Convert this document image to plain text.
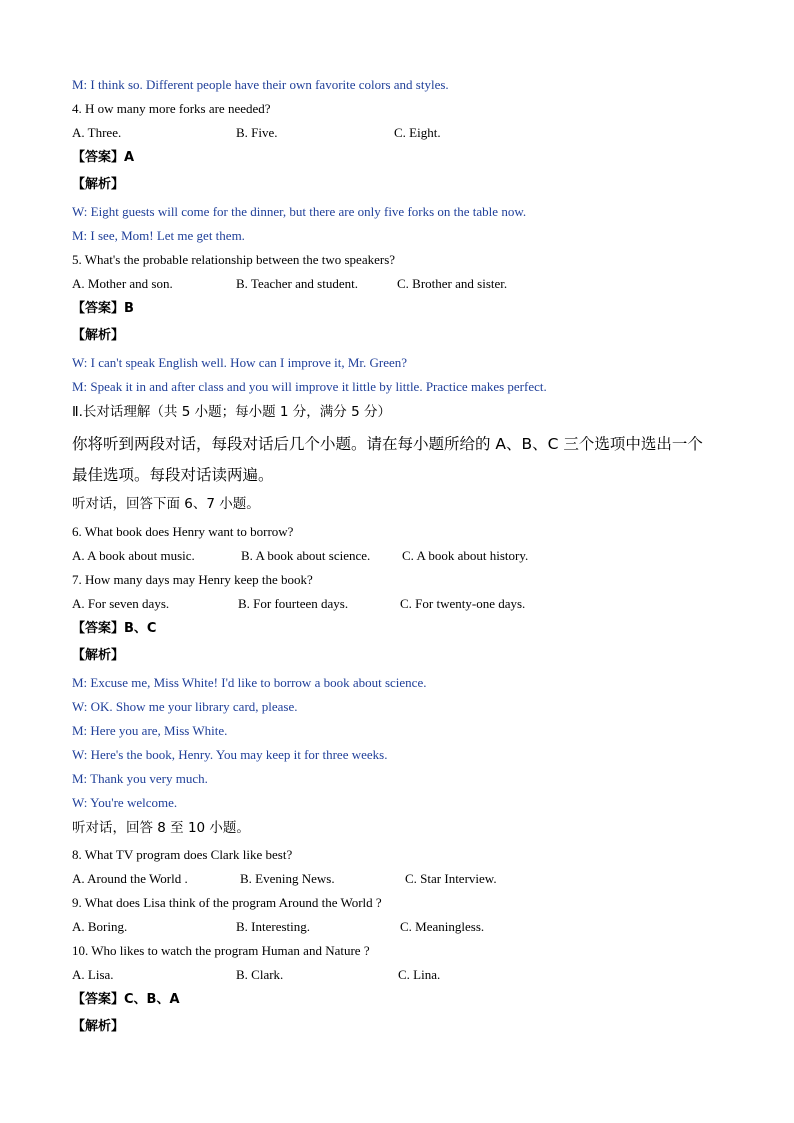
M: I think so. Different people have their own favorite colors and styles.
4. H ow many more forks are needed?
A. Three.	B. Five.	C. Eight.
【答案】A
【解析】
W: Eight guests will come for the dinner, but there are only five forks on the table now.
M: I see, Mom! Let me get them.
5. What's the probable relationship between the two speakers?
A. Mother and son.	B. Teacher and student.	C. Brother and sister.
【答案】B
【解析】
W: I can't speak English well. How can I improve it, Mr. Green?
M: Speak it in and after class and you will improve it little by little. Practice makes perfect.
Ⅱ.长对话理解（共 5 小题；每小题 1 分，满分 5 分）
你将听到两段对话，每段对话后几个小题。请在每小题所给的 A、B、C 三个选项中选出一个
最佳选项。每段对话读两遍。
听对话，回答下面 6、7 小题。
6. What book does Henry want to borrow?
A. A book about music.	B. A book about science. C. A book about history.
7. How many days may Henry keep the book?
A. For seven days.	B. For fourteen days.	C. For twenty-one days.
【答案】B、C
【解析】
M: Excuse me, Miss White! I'd like to borrow a book about science.
W: OK. Show me your library card, please.
M: Here you are, Miss White.
W: Here's the book, Henry. You may keep it for three weeks.
M: Thank you very much.
W: You're welcome.
听对话，回答 8 至 10 小题。
8. What TV program does Clark like best?
A. Around the World .	B. Evening News.	C. Star Interview.
9. What does Lisa think of the program Around the World ?
A. Boring.	B. Interesting.	C. Meaningless.
10. Who likes to watch the program Human and Nature ?
A. Lisa.	B. Clark.	C. Lina.
【答案】C、B、A
【解析】
